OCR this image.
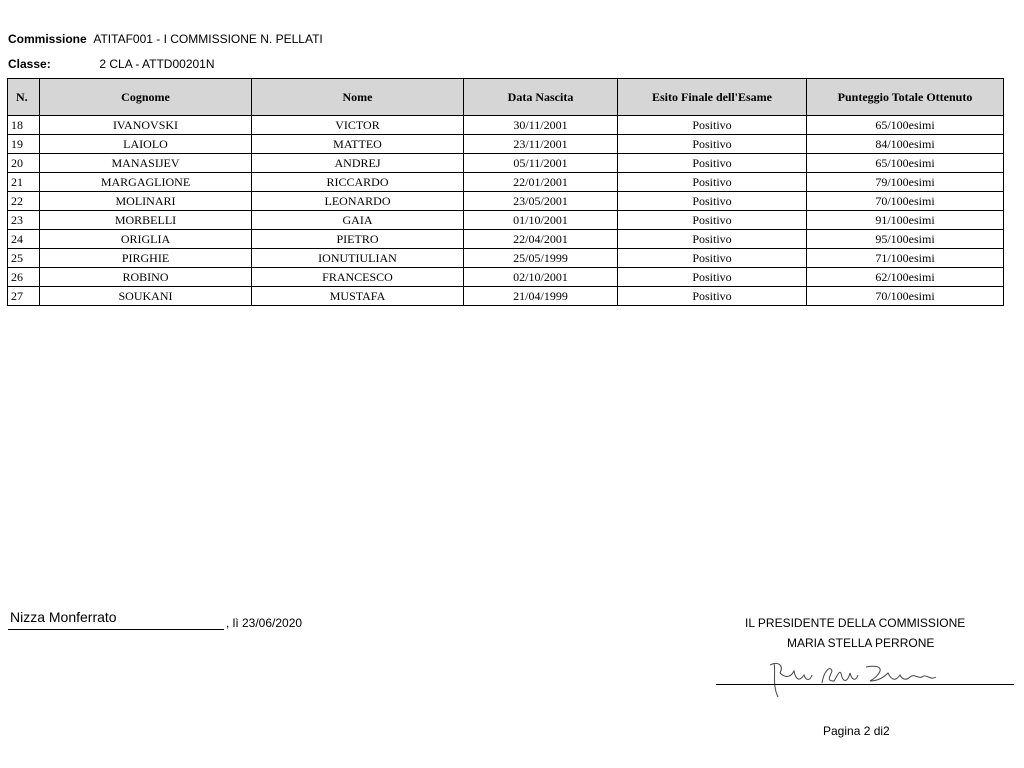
Commissione ATITAF001 - I COMMISSIONE N. PELLATI
Classe:	2 CLA - ATTD00201N
N.	Cognome	Nome	Data Nascita	Esito Finale dell'Esame	Punteggio Totale Ottenuto
18	IVANOVSKI	VICTOR	30/11/2001	Positivo	65/100esimi
19	LAIOLO	MATTEO	23/11/2001	Positivo	84/100esimi
20	MANASIJEV	ANDREJ	05/11/2001	Positivo	65/100esimi
21	MARGAGLIONE	RICCARDO	22/01/2001	Positivo	79/100esimi
22	MOLINARI	LEONARDO	23/05/2001	Positivo	70/100esimi
23	MORBELLI	GAIA	01/10/2001	Positivo	91/100esimi
24	ORIGLIA	PIETRO	22/04/2001	Positivo	95/100esimi
25	PIRGHIE	IONUTIULIAN	25/05/1999	Positivo	71/100esimi
26	ROBINO	FRANCESCO	02/10/2001	Positivo	62/100esimi
27	SOUKANI	MUSTAFA	21/04/1999	Positivo	70/100esimi
Nizza Monferrato	, lì 23/06/2020	IL PRESIDENTE DELLA COMMISSIONE
MARIA STELLA PERRONE
Pagina 2 di2
